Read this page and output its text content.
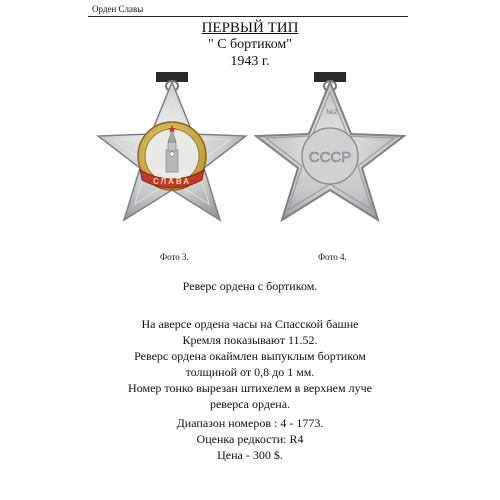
Орден Славы
ПЕРВЫЙ ТИП
" С бортиком"
1943 г.
СЛАВА
№2
СССР
Фото 3.	Фото 4.
Реверс ордена с бортиком.
На аверсе ордена часы на Спасской башне
Кремля показывают 11.52.
Реверс ордена окаймлен выпуклым бортиком
толщиной от 0,8 до 1 мм.
Номер тонко вырезан штихелем в верхнем луче
реверса ордена.
Диапазон номеров : 4 - 1773.
Оценка редкости: R4
Цена - 300 $.
